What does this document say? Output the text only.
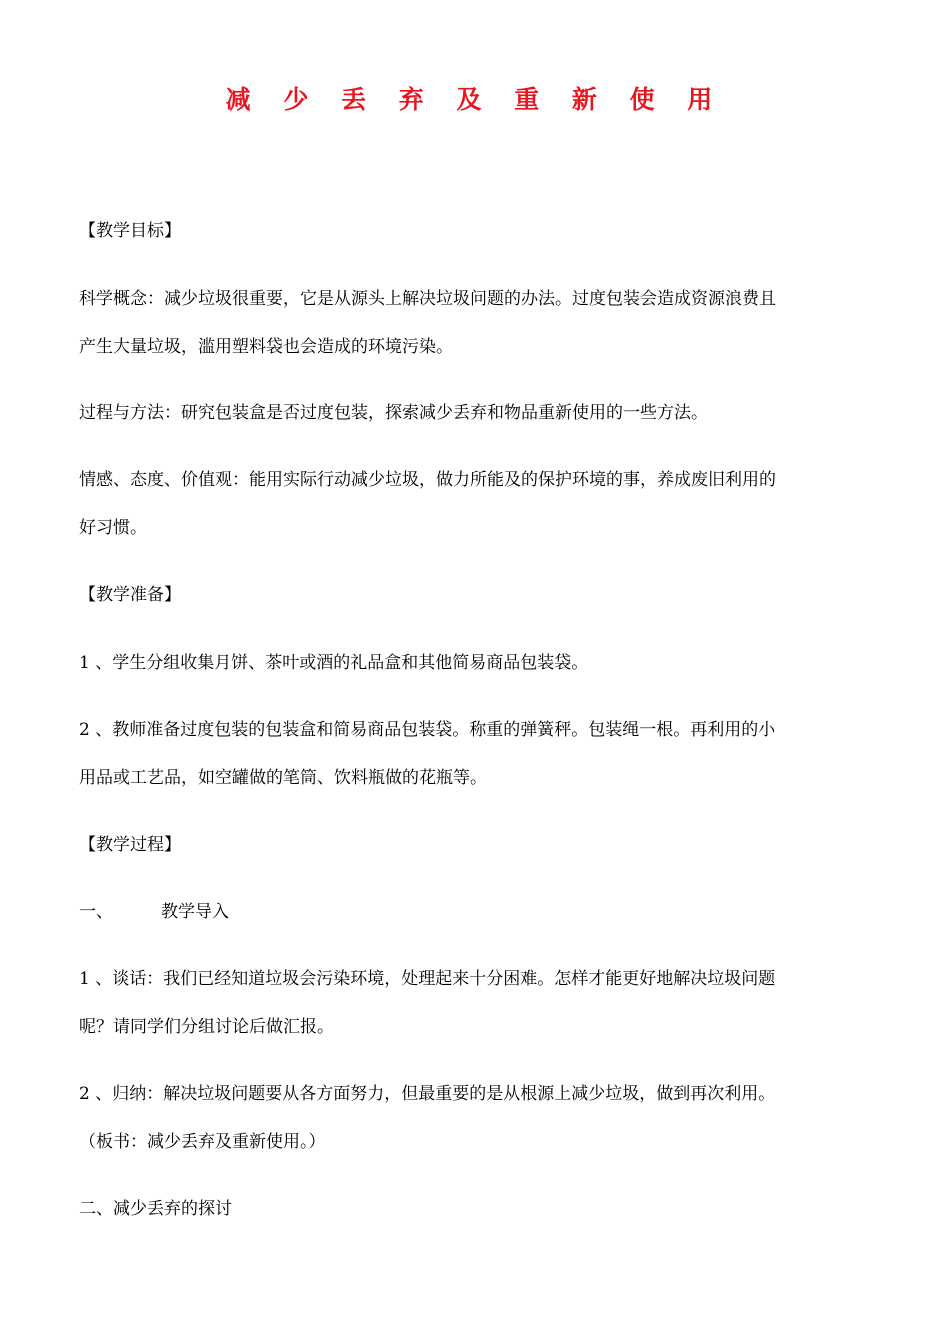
减 少 丢 弃 及 重 新 使 用
【教学目标】
科学概念：减少垃圾很重要，它是从源头上解决垃圾问题的办法。过度包装会造成资源浪费且
产生大量垃圾，滥用塑料袋也会造成的环境污染。
过程与方法：研究包装盒是否过度包装，探索减少丢弃和物品重新使用的一些方法。
情感、态度、价值观：能用实际行动减少垃圾，做力所能及的保护环境的事，养成废旧利用的
好习惯。
【教学准备】
1 、学生分组收集月饼、茶叶或酒的礼品盒和其他简易商品包装袋。
2 、教师准备过度包装的包装盒和简易商品包装袋。称重的弹簧秤。包装绳一根。再利用的小
用品或工艺品，如空罐做的笔筒、饮料瓶做的花瓶等。
【教学过程】
一、	教学导入
1 、谈话：我们已经知道垃圾会污染环境，处理起来十分困难。怎样才能更好地解决垃圾问题
呢？请同学们分组讨论后做汇报。
2 、归纳：解决垃圾问题要从各方面努力，但最重要的是从根源上减少垃圾，做到再次利用。
（板书：减少丢弃及重新使用。）
二、减少丢弃的探讨
